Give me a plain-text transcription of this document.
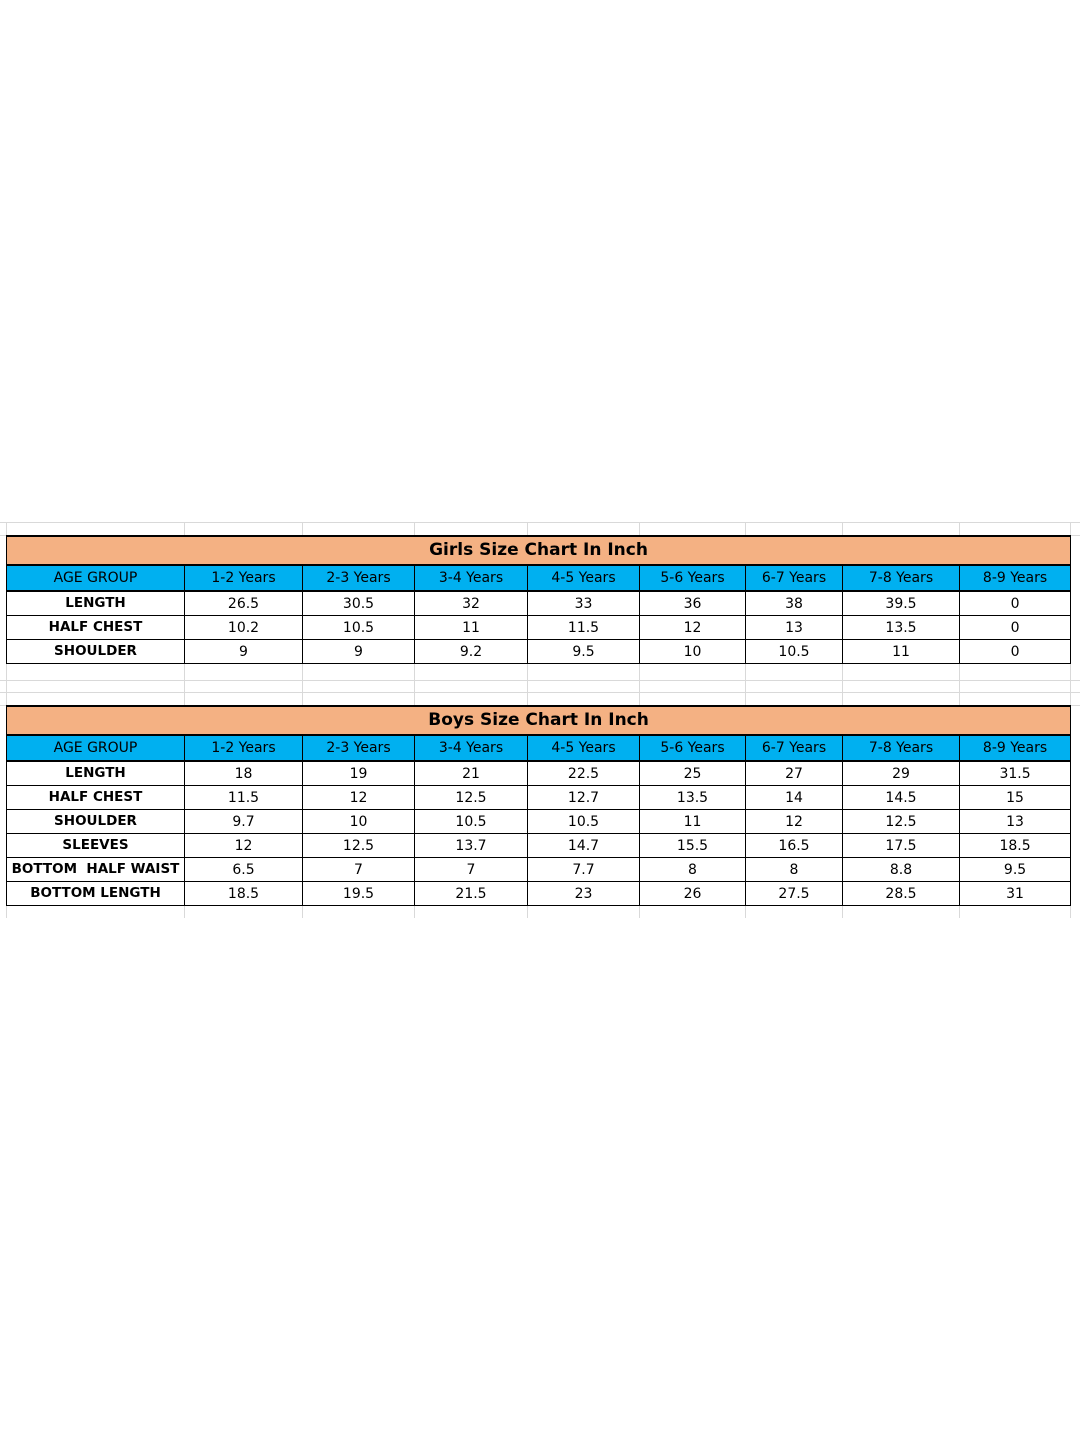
Girls Size Chart In Inch								
AGE GROUP	1-2 Years	2-3 Years	3-4 Years	4-5 Years	5-6 Years	6-7 Years	7-8 Years	8-9 Years
LENGTH	26.5	30.5	32	33	36	38	39.5	0
HALF CHEST	10.2	10.5	11	11.5	12	13	13.5	0
SHOULDER	9	9	9.2	9.5	10	10.5	11	0
Boys Size Chart In Inch								
AGE GROUP	1-2 Years	2-3 Years	3-4 Years	4-5 Years	5-6 Years	6-7 Years	7-8 Years	8-9 Years
LENGTH	18	19	21	22.5	25	27	29	31.5
HALF CHEST	11.5	12	12.5	12.7	13.5	14	14.5	15
SHOULDER	9.7	10	10.5	10.5	11	12	12.5	13
SLEEVES	12	12.5	13.7	14.7	15.5	16.5	17.5	18.5
BOTTOM  HALF WAIST	6.5	7	7	7.7	8	8	8.8	9.5
BOTTOM LENGTH	18.5	19.5	21.5	23	26	27.5	28.5	31
